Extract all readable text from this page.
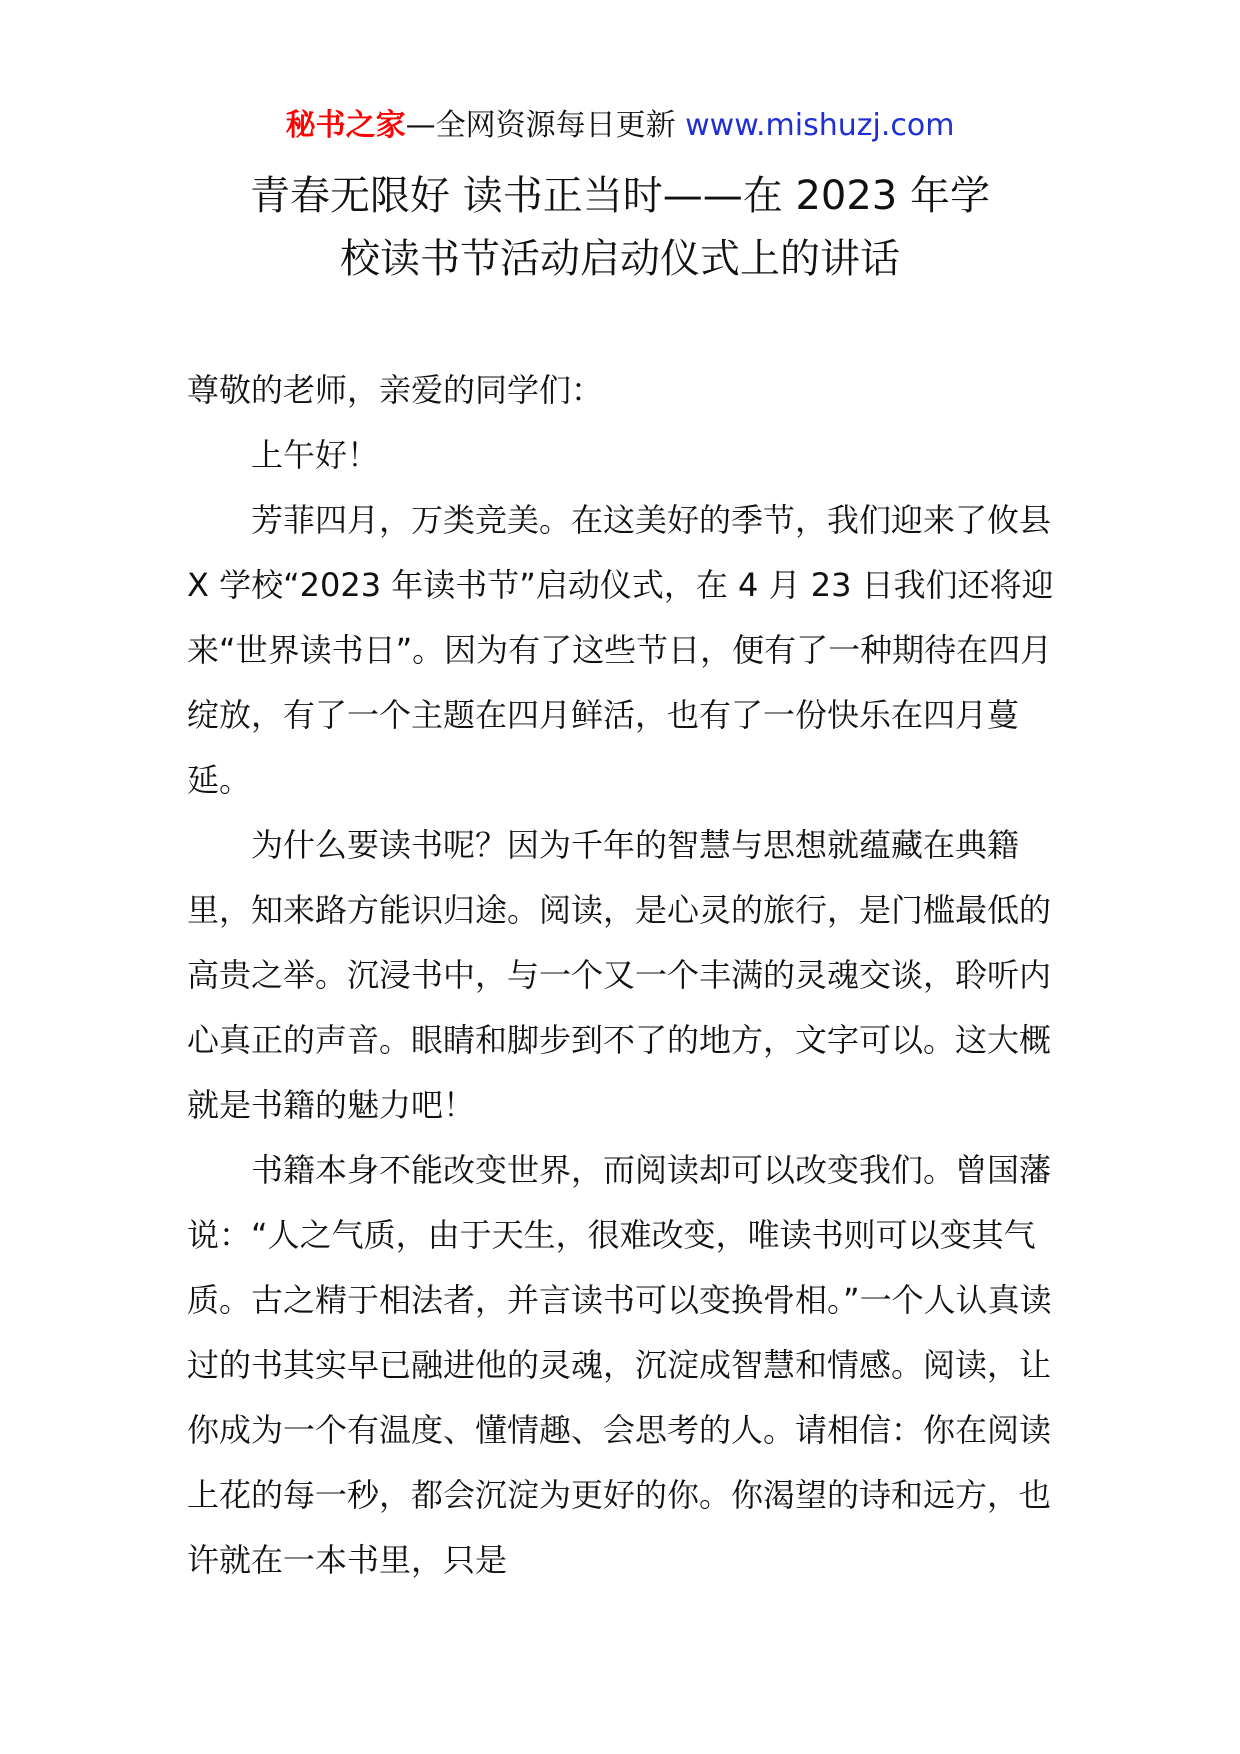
秘书之家—全网资源每日更新 www.mishuzj.com
青春无限好 读书正当时——在 2023 年学
校读书节活动启动仪式上的讲话

尊敬的老师，亲爱的同学们：

上午好！

芳菲四月，万类竞美。在这美好的季节，我们迎来了攸县 X 学校“2023 年读书节”启动仪式，在 4 月 23 日我们还将迎来“世界读书日”。因为有了这些节日，便有了一种期待在四月绽放，有了一个主题在四月鲜活，也有了一份快乐在四月蔓延。

为什么要读书呢？因为千年的智慧与思想就蕴藏在典籍里，知来路方能识归途。阅读，是心灵的旅行，是门槛最低的高贵之举。沉浸书中，与一个又一个丰满的灵魂交谈，聆听内心真正的声音。眼睛和脚步到不了的地方，文字可以。这大概就是书籍的魅力吧！

书籍本身不能改变世界，而阅读却可以改变我们。曾国藩说：“人之气质，由于天生，很难改变，唯读书则可以变其气质。古之精于相法者，并言读书可以变换骨相。”一个人认真读过的书其实早已融进他的灵魂，沉淀成智慧和情感。阅读，让你成为一个有温度、懂情趣、会思考的人。请相信：你在阅读上花的每一秒，都会沉淀为更好的你。你渴望的诗和远方，也许就在一本书里，只是
